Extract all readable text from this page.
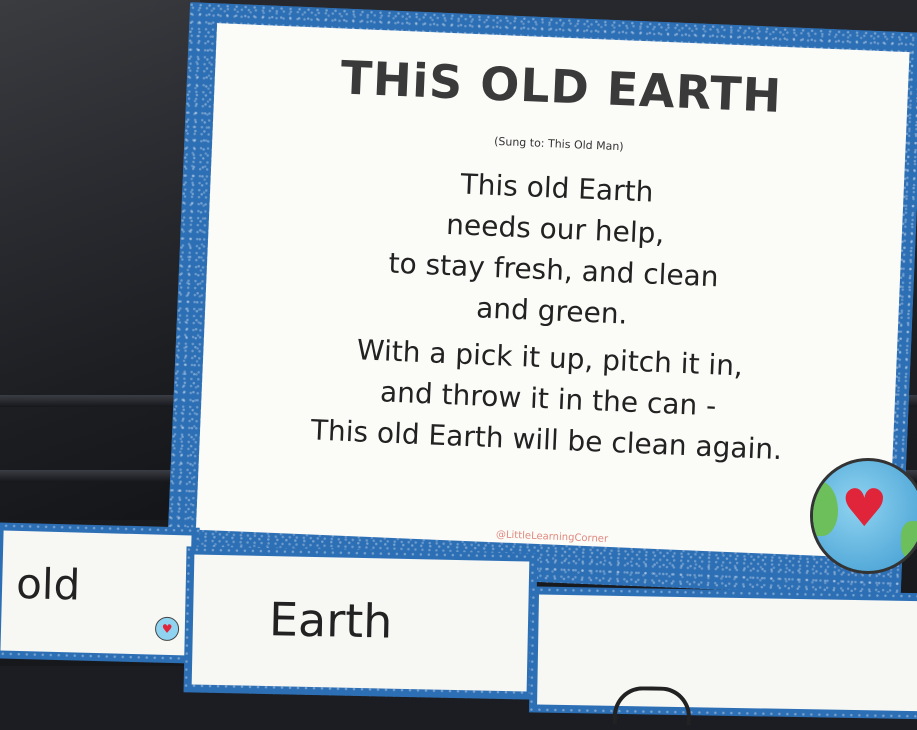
THiS OLD EARTH
(Sung to: This Old Man)
This old Earth
needs our help,
to stay fresh, and clean
and green.
With a pick it up, pitch it in,
and throw it in the can -
This old Earth will be clean again.
@LittleLearningCorner	♥
old
♥ Earth
